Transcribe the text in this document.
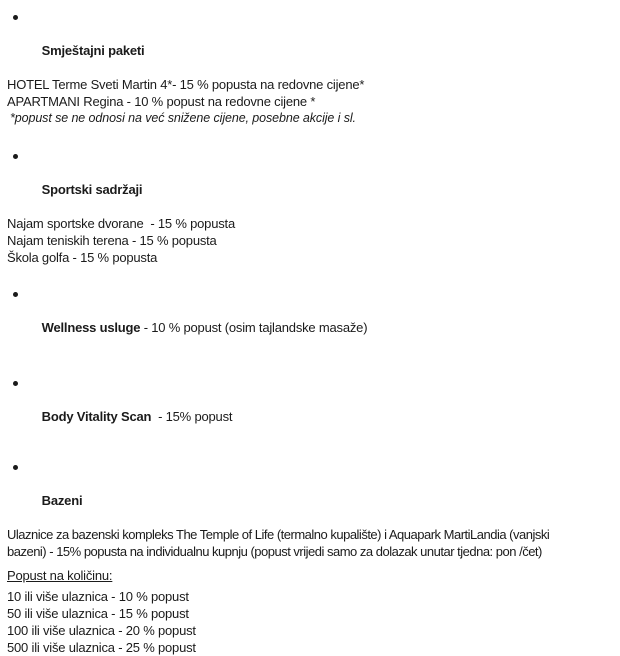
Smještajni paketi

HOTEL Terme Sveti Martin 4*- 15 % popusta na redovne cijene*
APARTMANI Regina - 10 % popust na redovne cijene *
*popust se ne odnosi na već snižene cijene, posebne akcije i sl.

Sportski sadržaji

Najam sportske dvorane  - 15 % popusta
Najam teniskih terena - 15 % popusta
Škola golfa - 15 % popusta

Wellness usluge - 10 % popust (osim tajlandske masaže)

Body Vitality Scan  - 15% popust

Bazeni

Ulaznice za bazenski kompleks The Temple of Life (termalno kupalište) i Aquapark MartiLandia (vanjski
bazeni) - 15% popusta na individualnu kupnju (popust vrijedi samo za dolazak unutar tjedna: pon /čet)
Popust na količinu:
10 ili više ulaznica - 10 % popust
50 ili više ulaznica - 15 % popust
100 ili više ulaznica - 20 % popust
500 ili više ulaznica - 25 % popust
